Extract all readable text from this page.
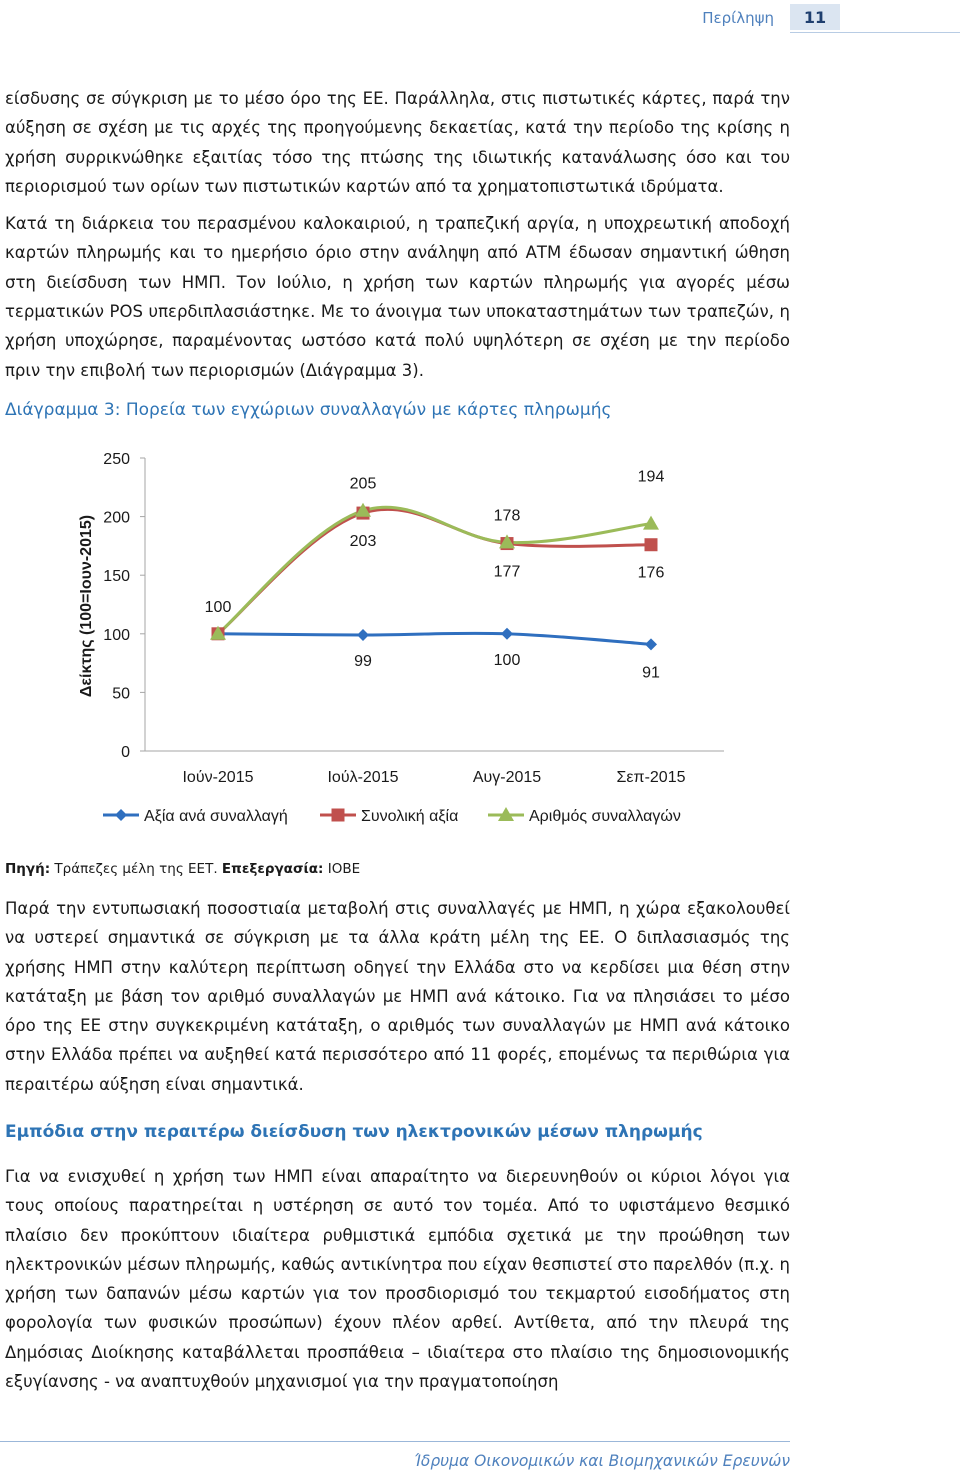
Περίληψη	11

είσδυσης σε σύγκριση με το μέσο όρο της ΕΕ. Παράλληλα, στις πιστωτικές κάρτες, παρά την αύξηση σε σχέση με τις αρχές της προηγούμενης δεκαετίας, κατά την περίοδο της κρίσης η χρήση συρρικνώθηκε εξαιτίας τόσο της πτώσης της ιδιωτικής κατανάλωσης όσο και του περιορισμού των ορίων των πιστωτικών καρτών από τα χρηματοπιστωτικά ιδρύματα.

Κατά τη διάρκεια του περασμένου καλοκαιριού, η τραπεζική αργία, η υποχρεωτική αποδοχή καρτών πληρωμής και το ημερήσιο όριο στην ανάληψη από ΑΤΜ έδωσαν σημαντική ώθηση στη διείσδυση των ΗΜΠ. Τον Ιούλιο, η χρήση των καρτών πληρωμής για αγορές μέσω τερματικών POS υπερδιπλασιάστηκε. Με το άνοιγμα των υποκαταστημάτων των τραπεζών, η χρήση υποχώρησε, παραμένοντας ωστόσο κατά πολύ υψηλότερη σε σχέση με την περίοδο πριν την επιβολή των περιορισμών (Διάγραμμα 3).

Διάγραμμα 3: Πορεία των εγχώριων συναλλαγών με κάρτες πληρωμής
0
50
100
150
200
250
Ιούν-2015	Ιούλ-2015	Αυγ-2015	Σεπ-2015
Δείκτης (100=Ιουν-2015)	99	100
91
100
203
177	176
205
178
194
Αξία ανά συναλλαγή	Συνολική αξία	Αριθμός συναλλαγών
Πηγή: Τράπεζες μέλη της ΕΕΤ. Επεξεργασία: ΙΟΒΕ

Παρά την εντυπωσιακή ποσοστιαία μεταβολή στις συναλλαγές με ΗΜΠ, η χώρα εξακολουθεί να υστερεί σημαντικά σε σύγκριση με τα άλλα κράτη μέλη της ΕΕ. Ο διπλασιασμός της χρήσης ΗΜΠ στην καλύτερη περίπτωση οδηγεί την Ελλάδα στο να κερδίσει μια θέση στην κατάταξη με βάση τον αριθμό συναλλαγών με ΗΜΠ ανά κάτοικο. Για να πλησιάσει το μέσο όρο της ΕΕ στην συγκεκριμένη κατάταξη, ο αριθμός των συναλλαγών με ΗΜΠ ανά κάτοικο στην Ελλάδα πρέπει να αυξηθεί κατά περισσότερο από 11 φορές, επομένως τα περιθώρια για περαιτέρω αύξηση είναι σημαντικά.

Εμπόδια στην περαιτέρω διείσδυση των ηλεκτρονικών μέσων πληρωμής

Για να ενισχυθεί η χρήση των ΗΜΠ είναι απαραίτητο να διερευνηθούν οι κύριοι λόγοι για τους οποίους παρατηρείται η υστέρηση σε αυτό τον τομέα. Από το υφιστάμενο θεσμικό πλαίσιο δεν προκύπτουν ιδιαίτερα ρυθμιστικά εμπόδια σχετικά με την προώθηση των ηλεκτρονικών μέσων πληρωμής, καθώς αντικίνητρα που είχαν θεσπιστεί στο παρελθόν (π.χ. η χρήση των δαπανών μέσω καρτών για τον προσδιορισμό του τεκμαρτού εισοδήματος στη φορολογία των φυσικών προσώπων) έχουν πλέον αρθεί. Αντίθετα, από την πλευρά της Δημόσιας Διοίκησης καταβάλλεται προσπάθεια – ιδιαίτερα στο πλαίσιο της δημοσιονομικής εξυγίανσης - να αναπτυχθούν μηχανισμοί για την πραγματοποίηση

Ίδρυμα Οικονομικών και Βιομηχανικών Ερευνών
